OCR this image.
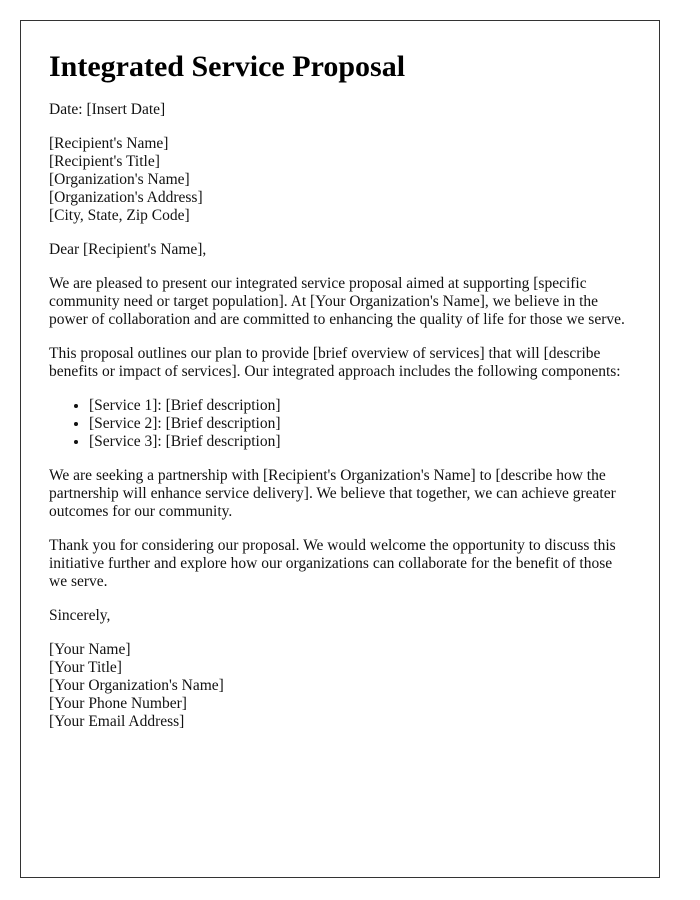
Integrated Service Proposal

Date: [Insert Date]

[Recipient's Name]
[Recipient's Title]
[Organization's Name]
[Organization's Address]
[City, State, Zip Code]

Dear [Recipient's Name],

We are pleased to present our integrated service proposal aimed at supporting [specific community need or target population]. At [Your Organization's Name], we believe in the power of collaboration and are committed to enhancing the quality of life for those we serve.

This proposal outlines our plan to provide [brief overview of services] that will [describe benefits or impact of services]. Our integrated approach includes the following components:

• [Service 1]: [Brief description]
• [Service 2]: [Brief description]
• [Service 3]: [Brief description]

We are seeking a partnership with [Recipient's Organization's Name] to [describe how the partnership will enhance service delivery]. We believe that together, we can achieve greater outcomes for our community.

Thank you for considering our proposal. We would welcome the opportunity to discuss this initiative further and explore how our organizations can collaborate for the benefit of those we serve.

Sincerely,

[Your Name]
[Your Title]
[Your Organization's Name]
[Your Phone Number]
[Your Email Address]
